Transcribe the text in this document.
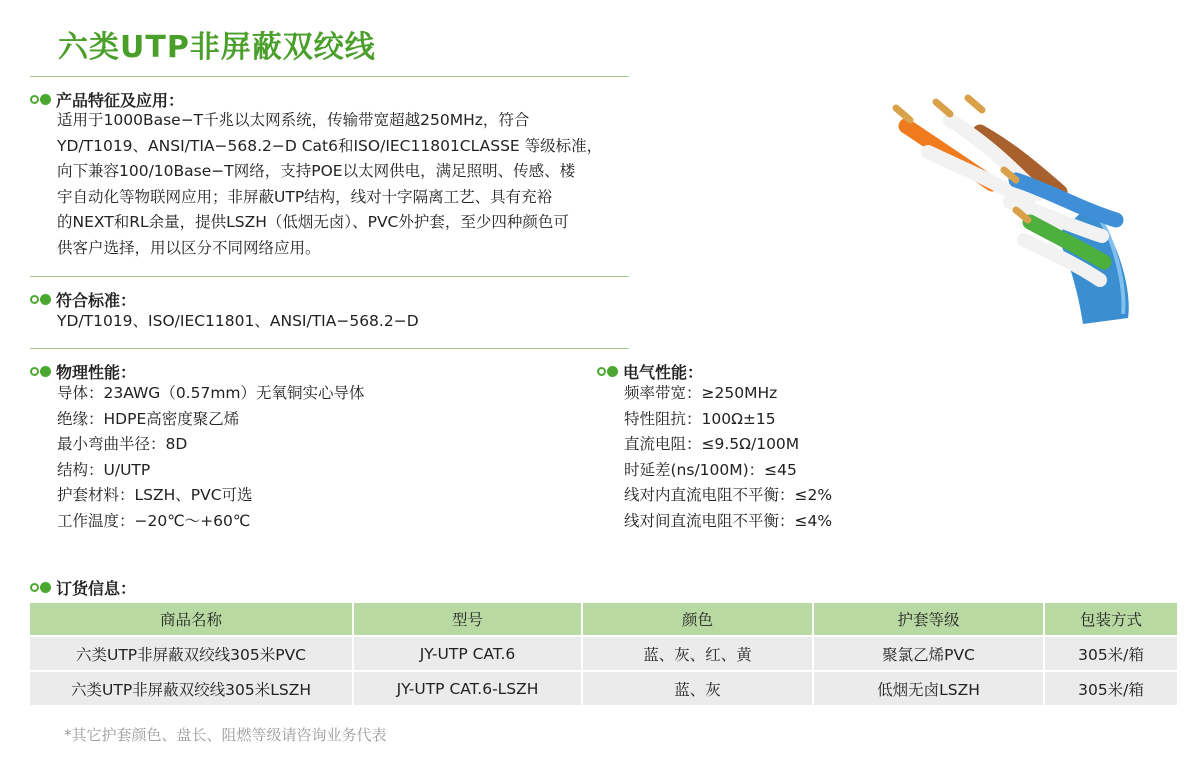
六类UTP非屏蔽双绞线
产品特征及应用：
适用于1000Base−T千兆以太网系统，传输带宽超越250MHz，符合
YD/T1019、ANSI/TIA−568.2−D Cat6和ISO/IEC11801CLASSE 等级标准，
向下兼容100/10Base−T网络，支持POE以太网供电，满足照明、传感、楼
宇自动化等物联网应用；非屏蔽UTP结构，线对十字隔离工艺、具有充裕
的NEXT和RL余量，提供LSZH（低烟无卤）、PVC外护套，至少四种颜色可
供客户选择，用以区分不同网络应用。
符合标准：
YD/T1019、ISO/IEC11801、ANSI/TIA−568.2−D
物理性能：
导体：23AWG（0.57mm）无氧铜实心导体
绝缘：HDPE高密度聚乙烯
最小弯曲半径：8D
结构：U/UTP
护套材料：LSZH、PVC可选
工作温度：−20℃～+60℃
电气性能：
频率带宽：≥250MHz
特性阻抗：100Ω±15
直流电阻：≤9.5Ω/100M
时延差(ns/100M)：≤45
线对内直流电阻不平衡：≤2%
线对间直流电阻不平衡：≤4%
订货信息：
商品名称	型号	颜色	护套等级	包装方式
六类UTP非屏蔽双绞线305米PVC	JY-UTP CAT.6	蓝、灰、红、黄	聚氯乙烯PVC	305米/箱
六类UTP非屏蔽双绞线305米LSZH	JY-UTP CAT.6-LSZH	蓝、灰	低烟无卤LSZH	305米/箱
*其它护套颜色、盘长、阻燃等级请咨询业务代表
